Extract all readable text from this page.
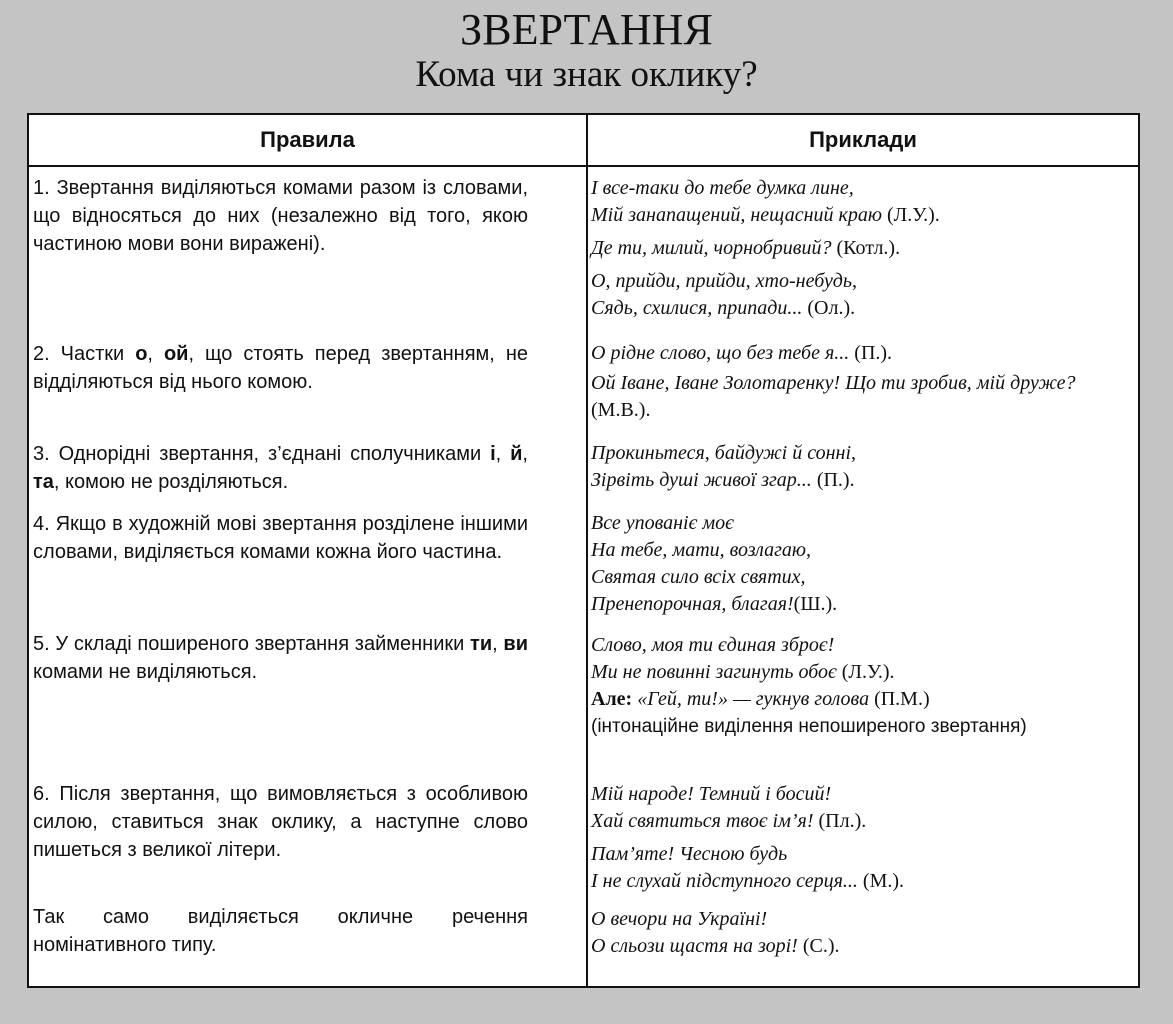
ЗВЕРТАННЯ
Кома чи знак оклику?
Правила	Приклади
1. Звертання виділяються комами разом із словами, що відносяться до них (незалежно від того, якою частиною мови вони виражені).
2. Частки о, ой, що стоять перед звертанням, не відділяються від нього комою.
3. Однорідні звертання, з’єднані сполучниками і, й, та, комою не розділяються.
4. Якщо в художній мові звертання розділене іншими словами, виділяється комами кожна його частина.
5. У складі поширеного звертання займенники ти, ви комами не виділяються.
6. Після звертання, що вимовляється з особливою силою, ставиться знак оклику, а наступне слово пишеться з великої літери.
Так само виділяється окличне речення номінативного типу.

І все-таки до тебе думка лине,

Мій занапащений, нещасний краю (Л.У.).

Де ти, милий, чорнобривий? (Котл.).

О, прийди, прийди, хто-небудь,

Сядь, схилися, припади... (Ол.).

О рідне слово, що без тебе я... (П.).

Ой Іване, Іване Золотаренку! Що ти зробив, мій друже?(М.В.).

Прокиньтеся, байдужі й сонні,

Зірвіть душі живої згар... (П.).

Все упованіє моє

На тебе, мати, возлагаю,

Святая сило всіх святих,

Пренепорочная, благая!(Ш.).

Слово, моя ти єдиная зброє!

Ми не повинні загинуть обоє (Л.У.).

Але: «Гей, ти!» — гукнув голова (П.М.)

(інтонаційне виділення непоширеного звертання)

Мій народе! Темний і босий!

Хай святиться твоє ім’я! (Пл.).

Пам’яте! Чесною будь

І не слухай підступного серця... (М.).

О вечори на Україні!

О сльози щастя на зорі! (С.).
